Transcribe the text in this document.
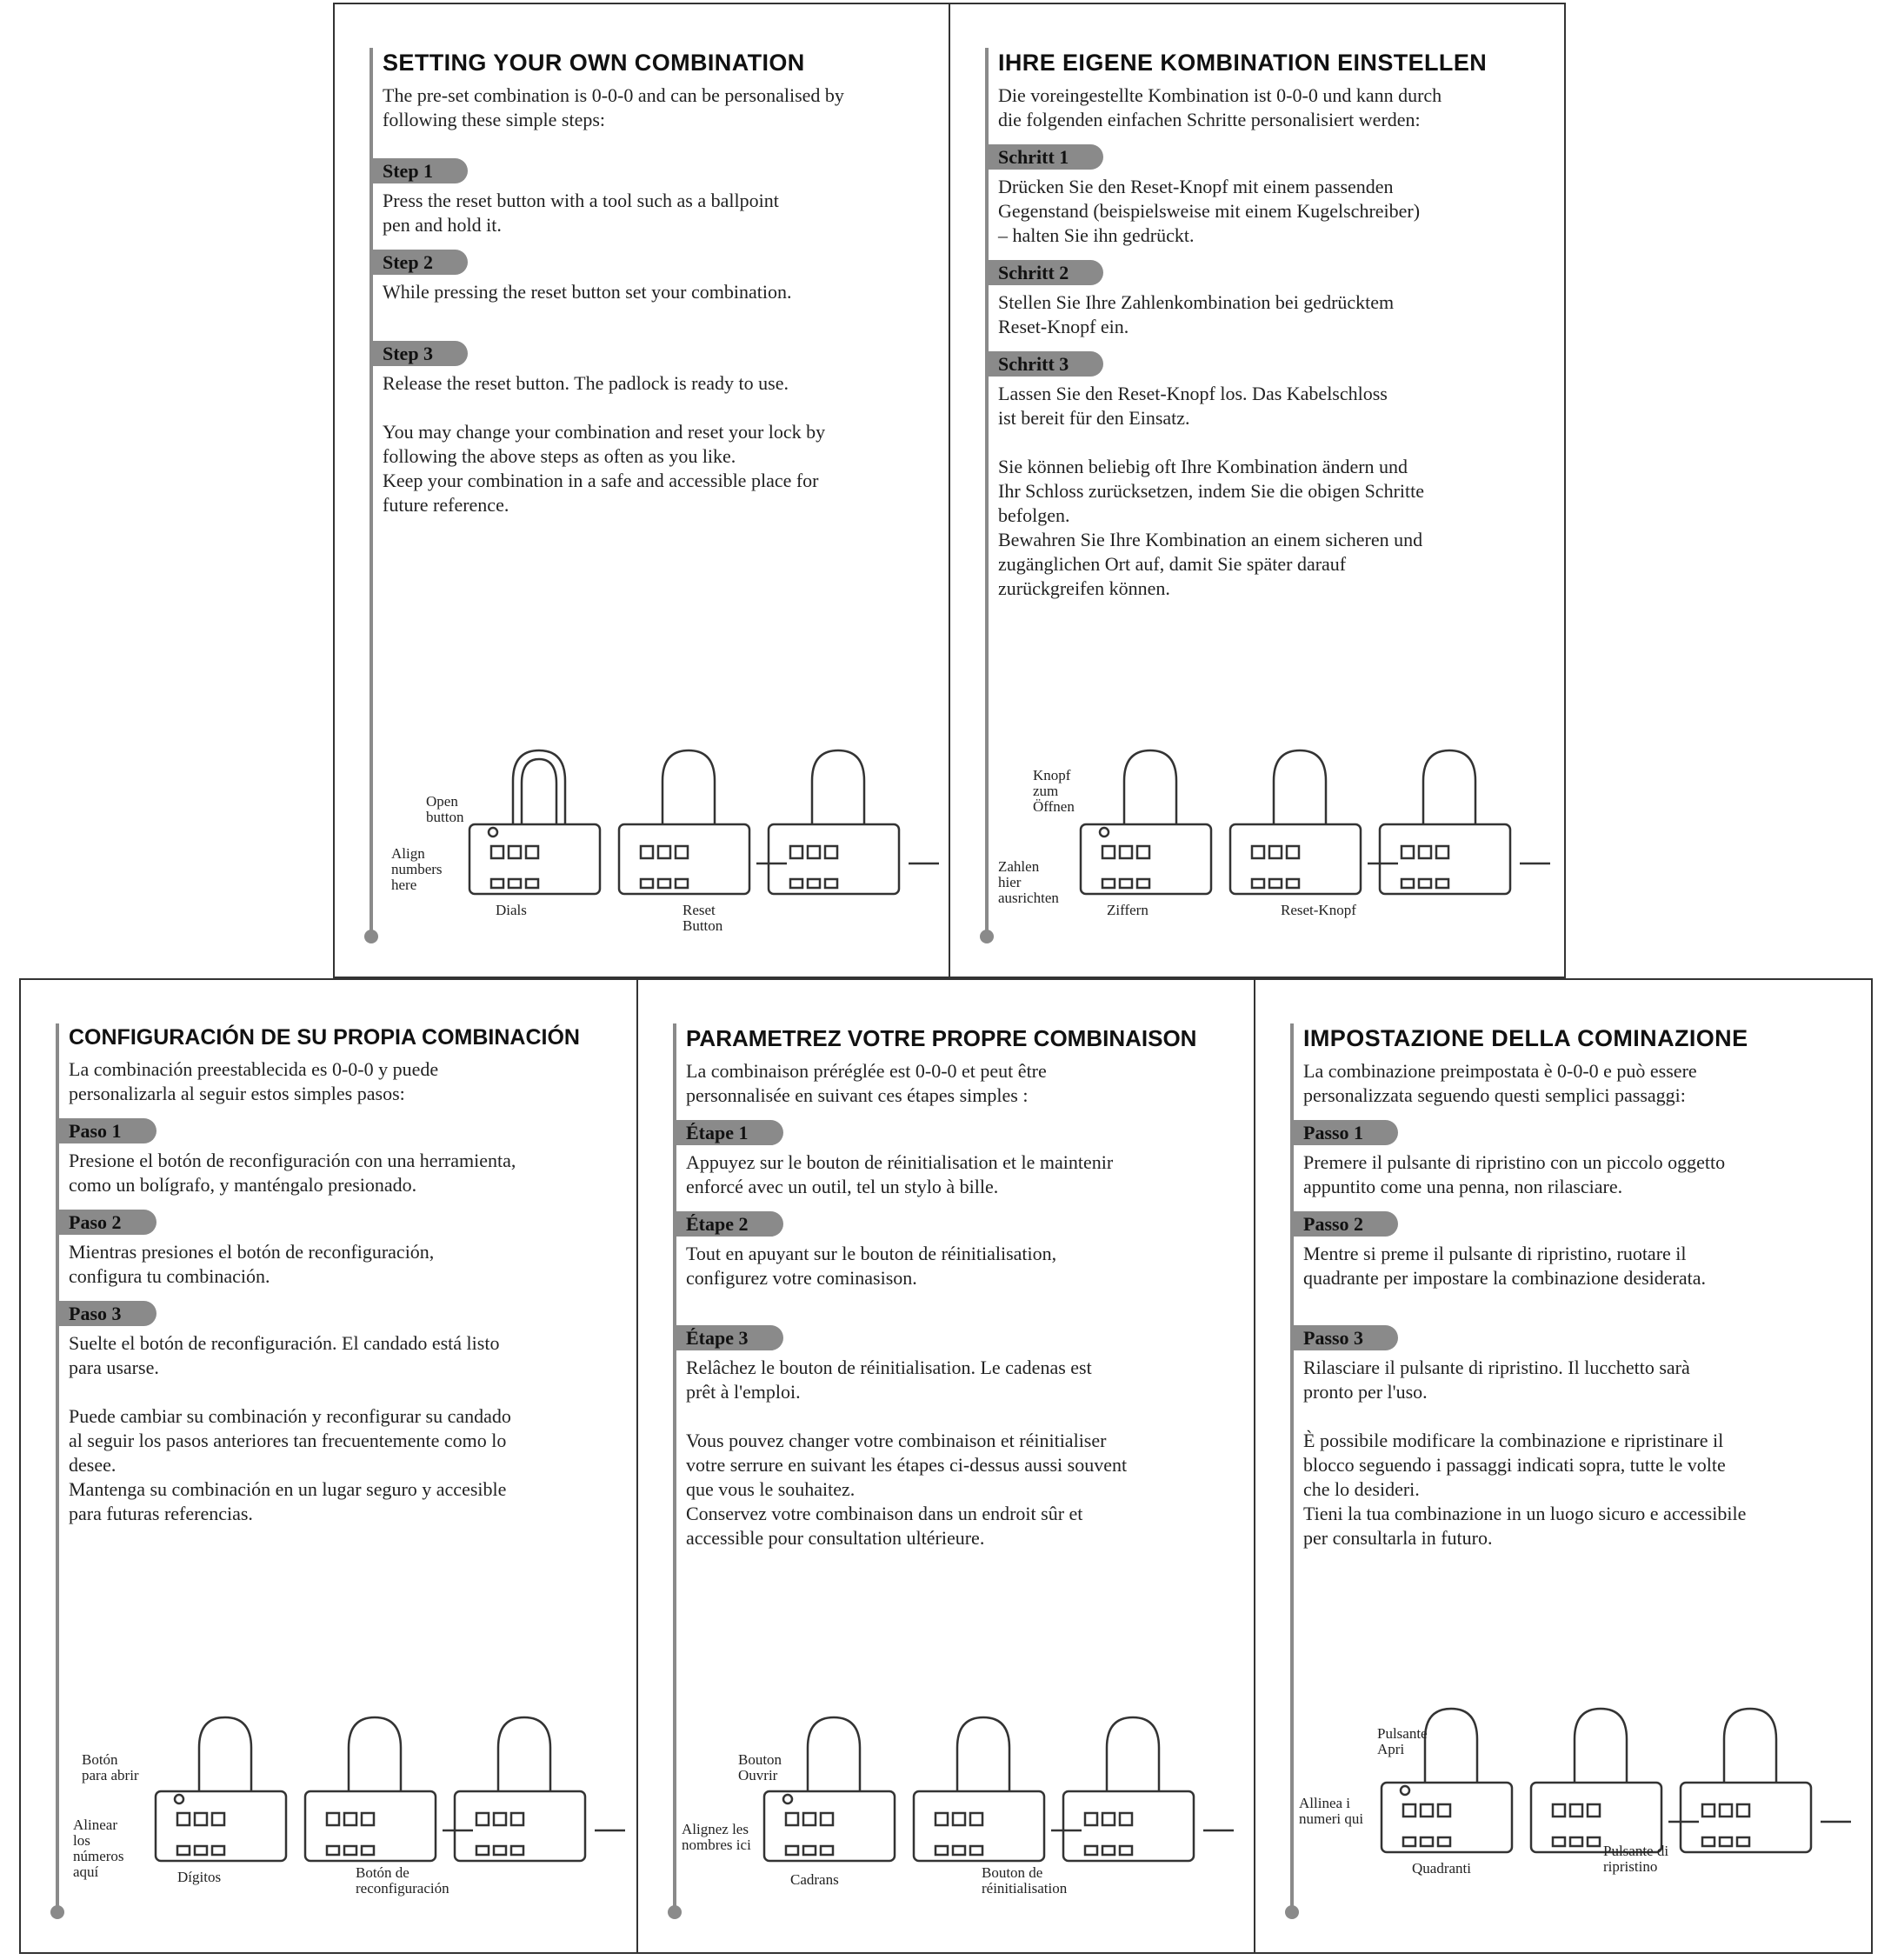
SETTING YOUR OWN COMBINATION

The pre-set combination is 0-0-0 and can be personalised by
following these simple steps:

Step 1

Press the reset button with a tool such as a ballpoint
pen and hold it.

Step 2

While pressing the reset button set your combination.

Step 3

Release the reset button. The padlock is ready to use.

You may change your combination and reset your lock by
following the above steps as often as you like.
Keep your combination in a safe and accessible place for
future reference.

Open
button
Align
numbers
here
Dials	Reset
Button
IHRE EIGENE KOMBINATION EINSTELLEN

Die voreingestellte Kombination ist 0-0-0 und kann durch
die folgenden einfachen Schritte personalisiert werden:

Schritt 1

Drücken Sie den Reset-Knopf mit einem passenden
Gegenstand (beispielsweise mit einem Kugelschreiber)
– halten Sie ihn gedrückt.

Schritt 2

Stellen Sie Ihre Zahlenkombination bei gedrücktem
Reset-Knopf ein.

Schritt 3

Lassen Sie den Reset-Knopf los. Das Kabelschloss
ist bereit für den Einsatz.

Sie können beliebig oft Ihre Kombination ändern und
Ihr Schloss zurücksetzen, indem Sie die obigen Schritte
befolgen.
Bewahren Sie Ihre Kombination an einem sicheren und
zugänglichen Ort auf, damit Sie später darauf
zurückgreifen können.

Knopf
zum
Öffnen
Zahlen
hier
ausrichten
Ziffern	Reset-Knopf
CONFIGURACIÓN DE SU PROPIA COMBINACIÓN

La combinación preestablecida es 0-0-0 y puede
personalizarla al seguir estos simples pasos:

Paso 1

Presione el botón de reconfiguración con una herramienta,
como un bolígrafo, y manténgalo presionado.

Paso 2

Mientras presiones el botón de reconfiguración,
configura tu combinación.

Paso 3

Suelte el botón de reconfiguración. El candado está listo
para usarse.

Puede cambiar su combinación y reconfigurar su candado
al seguir los pasos anteriores tan frecuentemente como lo
desee.
Mantenga su combinación en un lugar seguro y accesible
para futuras referencias.

Botón
para abrir
Alinear
los
números
aquí	Dígitos	Botón de
reconfiguración
PARAMETREZ VOTRE PROPRE COMBINAISON

La combinaison préréglée est 0-0-0 et peut être
personnalisée en suivant ces étapes simples :

Étape 1

Appuyez sur le bouton de réinitialisation et le maintenir
enforcé avec un outil, tel un stylo à bille.

Étape 2

Tout en apuyant sur le bouton de réinitialisation,
configurez votre cominasison.

Étape 3

Relâchez le bouton de réinitialisation. Le cadenas est
prêt à l'emploi.

Vous pouvez changer votre combinaison et réinitialiser
votre serrure en suivant les étapes ci-dessus aussi souvent
que vous le souhaitez.
Conservez votre combinaison dans un endroit sûr et
accessible pour consultation ultérieure.

Bouton
Ouvrir
Alignez les
nombres ici
Cadrans	Bouton de
réinitialisation
IMPOSTAZIONE DELLA COMINAZIONE

La combinazione preimpostata è 0-0-0 e può essere
personalizzata seguendo questi semplici passaggi:

Passo 1

Premere il pulsante di ripristino con un piccolo oggetto
appuntito come una penna, non rilasciare.

Passo 2

Mentre si preme il pulsante di ripristino, ruotare il
quadrante per impostare la combinazione desiderata.

Passo 3

Rilasciare il pulsante di ripristino. Il lucchetto sarà
pronto per l'uso.

È possibile modificare la combinazione e ripristinare il
blocco seguendo i passaggi indicati sopra, tutte le volte
che lo desideri.
Tieni la tua combinazione in un luogo sicuro e accessibile
per consultarla in futuro.

Pulsante
Apri
Allinea i
numeri qui
Quadranti
Pulsante di
ripristino
